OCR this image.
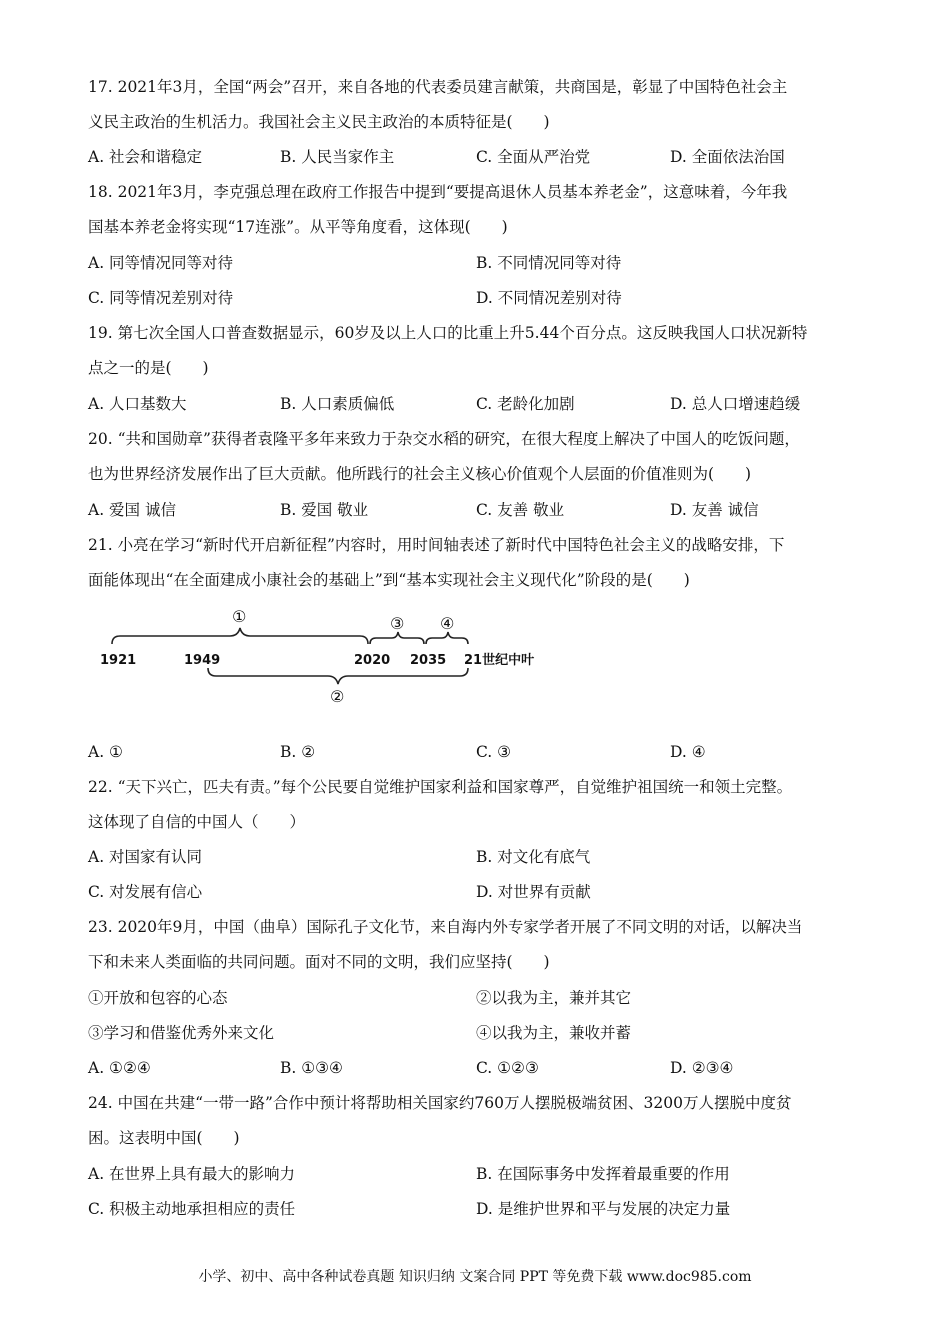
17. 2021年3月，全国“两会”召开，来自各地的代表委员建言献策，共商国是，彰显了中国特色社会主
义民主政治的生机活力。我国社会主义民主政治的本质特征是(　　)
A. 社会和谐稳定	B. 人民当家作主	C. 全面从严治党	D. 全面依法治国
18. 2021年3月，李克强总理在政府工作报告中提到“要提高退休人员基本养老金”，这意味着，今年我
国基本养老金将实现“17连涨”。从平等角度看，这体现(　　)
A. 同等情况同等对待	B. 不同情况同等对待
C. 同等情况差别对待	D. 不同情况差别对待
19. 第七次全国人口普查数据显示，60岁及以上人口的比重上升5.44个百分点。这反映我国人口状况新特
点之一的是(　　)
A. 人口基数大	B. 人口素质偏低	C. 老龄化加剧	D. 总人口增速趋缓
20. “共和国勋章”获得者袁隆平多年来致力于杂交水稻的研究，在很大程度上解决了中国人的吃饭问题，
也为世界经济发展作出了巨大贡献。他所践行的社会主义核心价值观个人层面的价值准则为(　　)
A. 爱国 诚信	B. 爱国 敬业	C. 友善 敬业	D. 友善 诚信
21. 小亮在学习“新时代开启新征程”内容时，用时间轴表述了新时代中国特色社会主义的战略安排，下
面能体现出“在全面建成小康社会的基础上”到“基本实现社会主义现代化”阶段的是(　　)
1921	1949	2020 2035 21世纪中叶
①	③ ④
②
A. ①	B. ②	C. ③	D. ④
22. “天下兴亡，匹夫有责。”每个公民要自觉维护国家利益和国家尊严，自觉维护祖国统一和领土完整。
这体现了自信的中国人（　　）
A. 对国家有认同	B. 对文化有底气
C. 对发展有信心	D. 对世界有贡献
23. 2020年9月，中国（曲阜）国际孔子文化节，来自海内外专家学者开展了不同文明的对话，以解决当
下和未来人类面临的共同问题。面对不同的文明，我们应坚持(　　)
①开放和包容的心态	②以我为主，兼并其它
③学习和借鉴优秀外来文化	④以我为主，兼收并蓄
A. ①②④	B. ①③④	C. ①②③	D. ②③④
24. 中国在共建“一带一路”合作中预计将帮助相关国家约760万人摆脱极端贫困、3200万人摆脱中度贫
困。这表明中国(　　)
A. 在世界上具有最大的影响力	B. 在国际事务中发挥着最重要的作用
C. 积极主动地承担相应的责任	D. 是维护世界和平与发展的决定力量
小学、初中、高中各种试卷真题 知识归纳 文案合同 PPT 等免费下载 www.doc985.com
